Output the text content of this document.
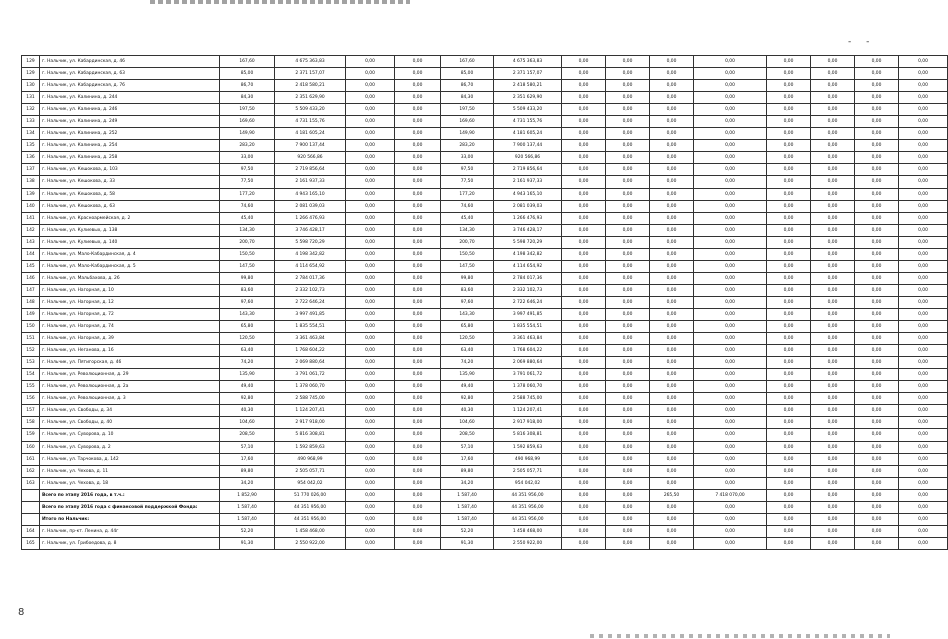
- -
129	г. Нальчик, ул. Кабардинская, д. 46	167,60	4 675 363,83	0,00	0,00	167,60	4 675 363,83	0,00	0,00	0,00	0,00	0,00	0,00	0,00	0,00
129	г. Нальчик, ул. Кабардинская, д. 63	85,00	2 371 157,07	0,00	0,00	85,00	2 371 157,07	0,00	0,00	0,00	0,00	0,00	0,00	0,00	0,00
130	г. Нальчик, ул. Кабардинская, д. 76	86,70	2 418 580,21	0,00	0,00	86,70	2 418 580,21	0,00	0,00	0,00	0,00	0,00	0,00	0,00	0,00
131	г. Нальчик, ул. Калинина, д. 244	84,30	2 351 629,90	0,00	0,00	84,30	2 351 629,90	0,00	0,00	0,00	0,00	0,00	0,00	0,00	0,00
132	г. Нальчик, ул. Калинина, д. 246	197,50	5 509 433,20	0,00	0,00	197,50	5 509 433,20	0,00	0,00	0,00	0,00	0,00	0,00	0,00	0,00
133	г. Нальчик, ул. Калинина, д. 249	169,60	4 731 155,76	0,00	0,00	169,60	4 731 155,76	0,00	0,00	0,00	0,00	0,00	0,00	0,00	0,00
134	г. Нальчик, ул. Калинина, д. 252	149,90	4 181 605,24	0,00	0,00	149,90	4 181 605,24	0,00	0,00	0,00	0,00	0,00	0,00	0,00	0,00
135	г. Нальчик, ул. Калинина, д. 254	283,20	7 900 137,44	0,00	0,00	283,20	7 900 137,44	0,00	0,00	0,00	0,00	0,00	0,00	0,00	0,00
136	г. Нальчик, ул. Калинина, д. 258	33,00	920 566,86	0,00	0,00	33,00	920 566,86	0,00	0,00	0,00	0,00	0,00	0,00	0,00	0,00
137	г. Нальчик, ул. Кешокова, д. 103	97,50	2 719 856,64	0,00	0,00	97,50	2 719 856,64	0,00	0,00	0,00	0,00	0,00	0,00	0,00	0,00
138	г. Нальчик, ул. Кешокова, д. 33	77,50	2 161 937,33	0,00	0,00	77,50	2 161 937,33	0,00	0,00	0,00	0,00	0,00	0,00	0,00	0,00
139	г. Нальчик, ул. Кешокова, д. 58	177,20	4 943 165,10	0,00	0,00	177,20	4 943 165,10	0,00	0,00	0,00	0,00	0,00	0,00	0,00	0,00
140	г. Нальчик, ул. Кешокова, д. 63	74,60	2 081 039,03	0,00	0,00	74,60	2 081 039,03	0,00	0,00	0,00	0,00	0,00	0,00	0,00	0,00
141	г. Нальчик, ул. Красноармейская, д. 2	45,40	1 266 476,93	0,00	0,00	45,40	1 266 476,93	0,00	0,00	0,00	0,00	0,00	0,00	0,00	0,00
142	г. Нальчик, ул. Кулиевых, д. 138	134,30	3 746 428,17	0,00	0,00	134,30	3 746 428,17	0,00	0,00	0,00	0,00	0,00	0,00	0,00	0,00
143	г. Нальчик, ул. Кулиевых, д. 140	200,70	5 598 720,29	0,00	0,00	200,70	5 598 720,29	0,00	0,00	0,00	0,00	0,00	0,00	0,00	0,00
144	г. Нальчик, ул. Мало-Кабардинская, д. 4	150,50	4 198 342,82	0,00	0,00	150,50	4 198 342,82	0,00	0,00	0,00	0,00	0,00	0,00	0,00	0,00
145	г. Нальчик, ул. Мало-Кабардинская, д. 5	147,50	4 114 654,92	0,00	0,00	147,50	4 114 654,92	0,00	0,00	0,00	0,00	0,00	0,00	0,00	0,00
146	г. Нальчик, ул. Мальбахова, д. 26	99,80	2 784 017,36	0,00	0,00	99,80	2 784 017,36	0,00	0,00	0,00	0,00	0,00	0,00	0,00	0,00
147	г. Нальчик, ул. Нагорная, д. 10	83,60	2 332 102,73	0,00	0,00	83,60	2 332 102,73	0,00	0,00	0,00	0,00	0,00	0,00	0,00	0,00
148	г. Нальчик, ул. Нагорная, д. 12	97,60	2 722 646,24	0,00	0,00	97,60	2 722 646,24	0,00	0,00	0,00	0,00	0,00	0,00	0,00	0,00
149	г. Нальчик, ул. Нагорная, д. 72	143,30	3 997 491,85	0,00	0,00	143,30	3 997 491,85	0,00	0,00	0,00	0,00	0,00	0,00	0,00	0,00
150	г. Нальчик, ул. Нагорная, д. 74	65,80	1 835 554,51	0,00	0,00	65,80	1 835 554,51	0,00	0,00	0,00	0,00	0,00	0,00	0,00	0,00
151	г. Нальчик, ул. Нагорная, д. 39	120,50	3 361 463,84	0,00	0,00	120,50	3 361 463,84	0,00	0,00	0,00	0,00	0,00	0,00	0,00	0,00
152	г. Нальчик, ул. Неганова, д. 16	63,40	1 768 604,22	0,00	0,00	63,40	1 768 604,22	0,00	0,00	0,00	0,00	0,00	0,00	0,00	0,00
153	г. Нальчик, ул. Пятигорская, д. 46	74,20	2 069 880,64	0,00	0,00	74,20	2 069 880,64	0,00	0,00	0,00	0,00	0,00	0,00	0,00	0,00
154	г. Нальчик, ул. Революционная, д. 29	135,90	3 791 061,72	0,00	0,00	135,90	3 791 061,72	0,00	0,00	0,00	0,00	0,00	0,00	0,00	0,00
155	г. Нальчик, ул. Революционная, д. 2а	49,40	1 378 060,70	0,00	0,00	49,40	1 378 060,70	0,00	0,00	0,00	0,00	0,00	0,00	0,00	0,00
156	г. Нальчик, ул. Революционная, д. 3	92,80	2 588 745,00	0,00	0,00	92,80	2 588 745,00	0,00	0,00	0,00	0,00	0,00	0,00	0,00	0,00
157	г. Нальчик, ул. Свободы, д. 34	40,30	1 124 207,41	0,00	0,00	40,30	1 124 207,41	0,00	0,00	0,00	0,00	0,00	0,00	0,00	0,00
158	г. Нальчик, ул. Свободы, д. 40	104,60	2 917 918,00	0,00	0,00	104,60	2 917 918,00	0,00	0,00	0,00	0,00	0,00	0,00	0,00	0,00
159	г. Нальчик, ул. Суворова, д. 10	208,50	5 816 308,81	0,00	0,00	208,50	5 816 308,81	0,00	0,00	0,00	0,00	0,00	0,00	0,00	0,00
160	г. Нальчик, ул. Суворова, д. 2	57,10	1 592 859,63	0,00	0,00	57,10	1 592 859,63	0,00	0,00	0,00	0,00	0,00	0,00	0,00	0,00
161	г. Нальчик, ул. Тарчокова, д. 142	17,60	490 968,99	0,00	0,00	17,60	490 968,99	0,00	0,00	0,00	0,00	0,00	0,00	0,00	0,00
162	г. Нальчик, ул. Чехова, д. 11	89,80	2 505 057,71	0,00	0,00	89,80	2 505 057,71	0,00	0,00	0,00	0,00	0,00	0,00	0,00	0,00
163	г. Нальчик, ул. Чехова, д. 18	34,20	954 042,02	0,00	0,00	34,20	954 042,02	0,00	0,00	0,00	0,00	0,00	0,00	0,00	0,00
	Всего по этапу 2016 года, в т.ч.:	1 852,90	51 770 026,00	0,00	0,00	1 587,40	44 351 956,00	0,00	0,00	265,50	7 418 070,00	0,00	0,00	0,00	0,00
	Всего по этапу 2016 года с финансовой поддержкой Фонда:	1 587,40	44 351 956,00	0,00	0,00	1 587,40	44 351 956,00	0,00	0,00	0,00	0,00	0,00	0,00	0,00	0,00
	Итого по Нальчик:	1 587,40	44 351 956,00	0,00	0,00	1 587,40	44 351 956,00	0,00	0,00	0,00	0,00	0,00	0,00	0,00	0,00
164	г. Нальчик, пр-кт. Ленина, д. 44г	52,20	1 458 468,00	0,00	0,00	52,20	1 458 468,00	0,00	0,00	0,00	0,00	0,00	0,00	0,00	0,00
165	г. Нальчик, ул. Грибоедова, д. 8	91,30	2 550 922,00	0,00	0,00	91,30	2 550 922,00	0,00	0,00	0,00	0,00	0,00	0,00	0,00	0,00
8
